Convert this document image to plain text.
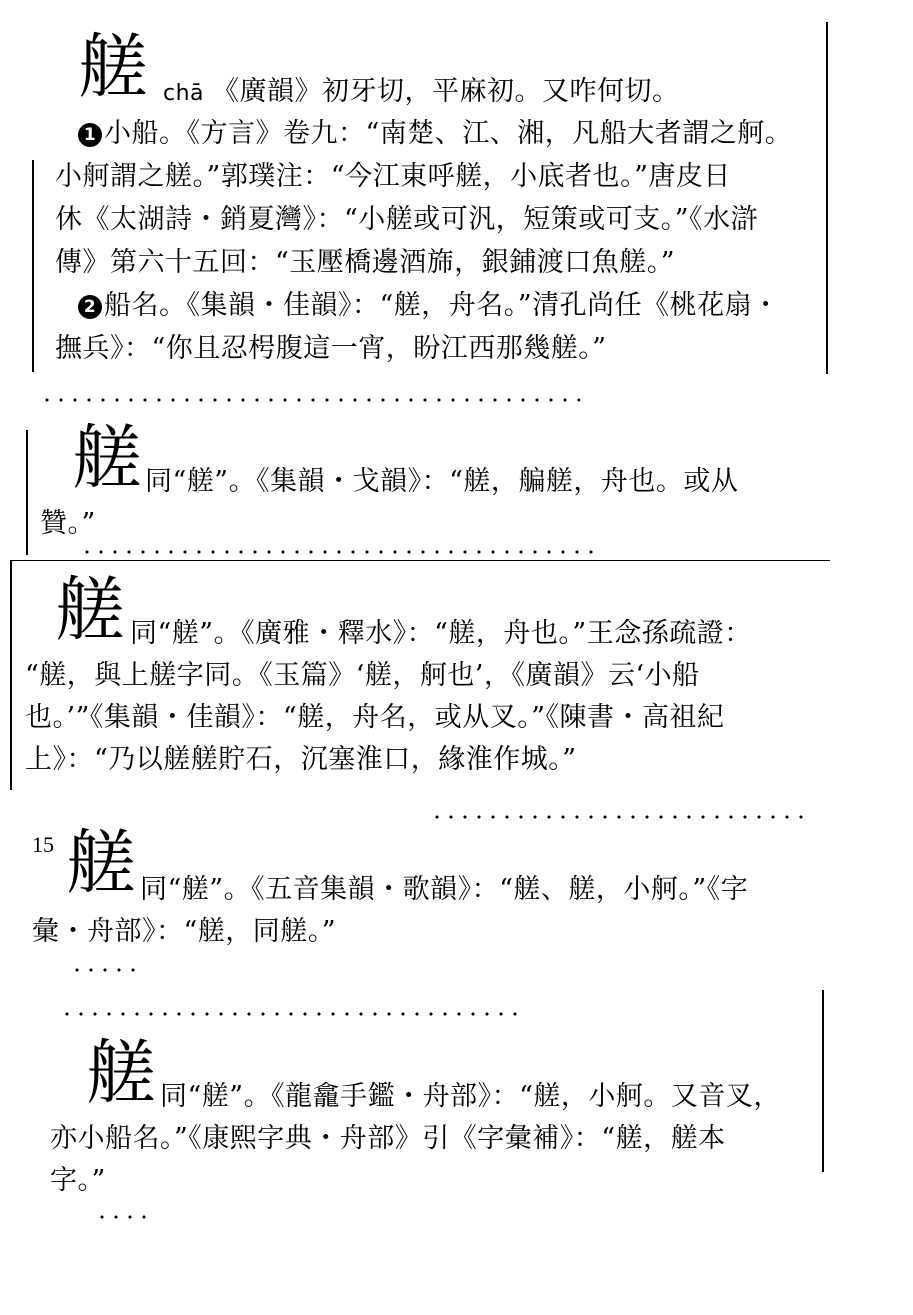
艖 chā 《廣韻》初牙切，平麻初。又咋何切。
1 小船。《方言》卷九：“南楚、江、湘，凡船大者謂之舸。
小舸謂之艖。”郭璞注：“今江東呼艖，小底者也。”唐皮日
休《太湖詩・銷夏灣》：“小艖或可汎，短策或可支。”《水滸
傳》第六十五回：“玉壓橋邊酒旆，銀鋪渡口魚艖。”
2 船名。《集韻・佳韻》：“艖，舟名。”清孔尚任《桃花扇・
撫兵》：“你且忍枵腹這一宵，盼江西那幾艖。”
艖 同“艖”。《集韻・戈韻》：“艖，艑艖，舟也。或从
贊。”
艖 同“艖”。《廣雅・釋水》：“艖，舟也。”王念孫疏證：
“艖，與上艖字同。《玉篇》‘艖，舸也’，《廣韻》云‘小船
也。’”《集韻・佳韻》：“艖，舟名，或从叉。”《陳書・高祖紀
上》：“乃以艖艖貯石，沉塞淮口，緣淮作城。”
15 艖 同“艖”。《五音集韻・歌韻》：“艖、艖，小舸。”《字
彙・舟部》：“艖，同艖。”
艖 同“艖”。《龍龕手鑑・舟部》：“艖，小舸。又音叉，
亦小船名。”《康熙字典・舟部》引《字彙補》：“艖，艖本
字。”
